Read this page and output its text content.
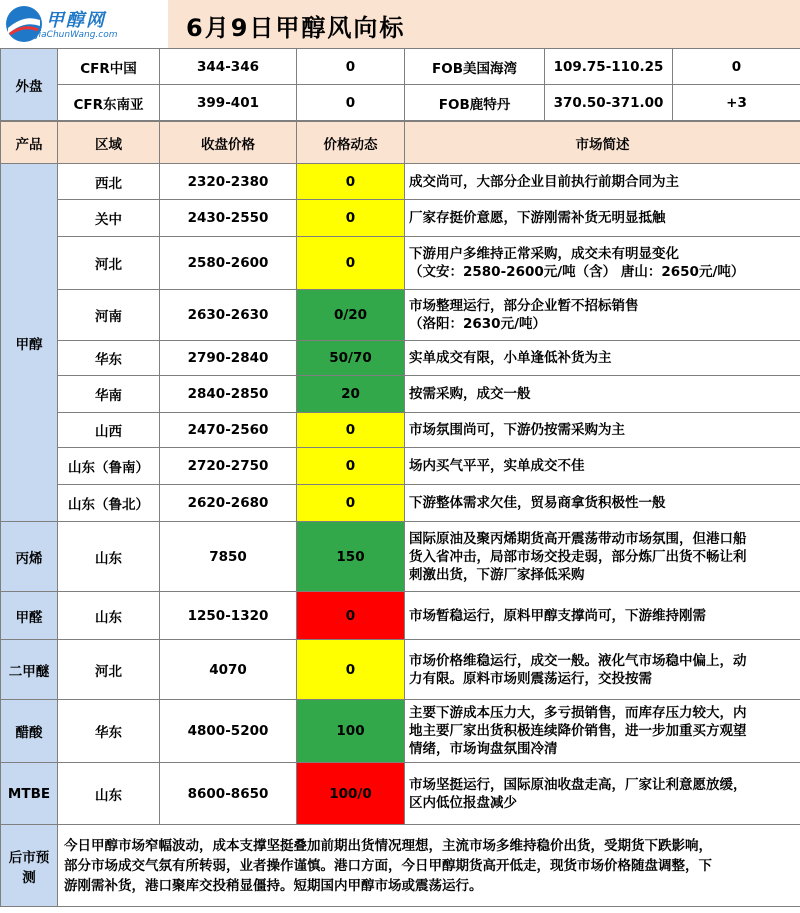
甲醇网
JiaChunWang.com	6月9日甲醇风向标
外盘	CFR中国	344-346	0	FOB美国海湾	109.75-110.25	0
	CFR东南亚	399-401	0	FOB鹿特丹	370.50-371.00	+3
产品	区域	收盘价格	价格动态	市场简述
甲醇	西北	2320-2380	0	成交尚可，大部分企业目前执行前期合同为主

	关中	2430-2550	0	厂家存挺价意愿，下游刚需补货无明显抵触

	河北	2580-2600	0	下游用户多维持正常采购，成交未有明显变化
（文安：2580-2600元/吨（含） 唐山：2650元/吨）

	河南	2630-2630	0/20	市场整理运行，部分企业暂不招标销售
（洛阳：2630元/吨）

	华东	2790-2840	50/70	实单成交有限，小单逢低补货为主

	华南	2840-2850	20	按需采购，成交一般

	山西	2470-2560	0	市场氛围尚可，下游仍按需采购为主

	山东（鲁南）	2720-2750	0	场内买气平平，实单成交不佳

	山东（鲁北）	2620-2680	0	下游整体需求欠佳，贸易商拿货积极性一般

丙烯	山东	7850	150	国际原油及聚丙烯期货高开震荡带动市场氛围，但港口船
货入省冲击，局部市场交投走弱，部分炼厂出货不畅让利
刺激出货，下游厂家择低采购

甲醛	山东	1250-1320	0	市场暂稳运行，原料甲醇支撑尚可，下游维持刚需

二甲醚	河北	4070	0	市场价格维稳运行，成交一般。液化气市场稳中偏上，动
力有限。原料市场则震荡运行，交投按需

醋酸	华东	4800-5200	100	主要下游成本压力大，多亏损销售，而库存压力较大，内
地主要厂家出货积极连续降价销售，进一步加重买方观望
情绪，市场询盘氛围冷清

MTBE	山东	8600-8650	100/0	市场坚挺运行，国际原油收盘走高，厂家让利意愿放缓，
区内低位报盘减少

后市预测	今日甲醇市场窄幅波动，成本支撑坚挺叠加前期出货情况理想，主流市场多维持稳价出货，受期货下跌影响，
部分市场成交气氛有所转弱，业者操作谨慎。港口方面，今日甲醇期货高开低走，现货市场价格随盘调整，下
游刚需补货，港口聚库交投稍显僵持。短期国内甲醇市场或震荡运行。			
